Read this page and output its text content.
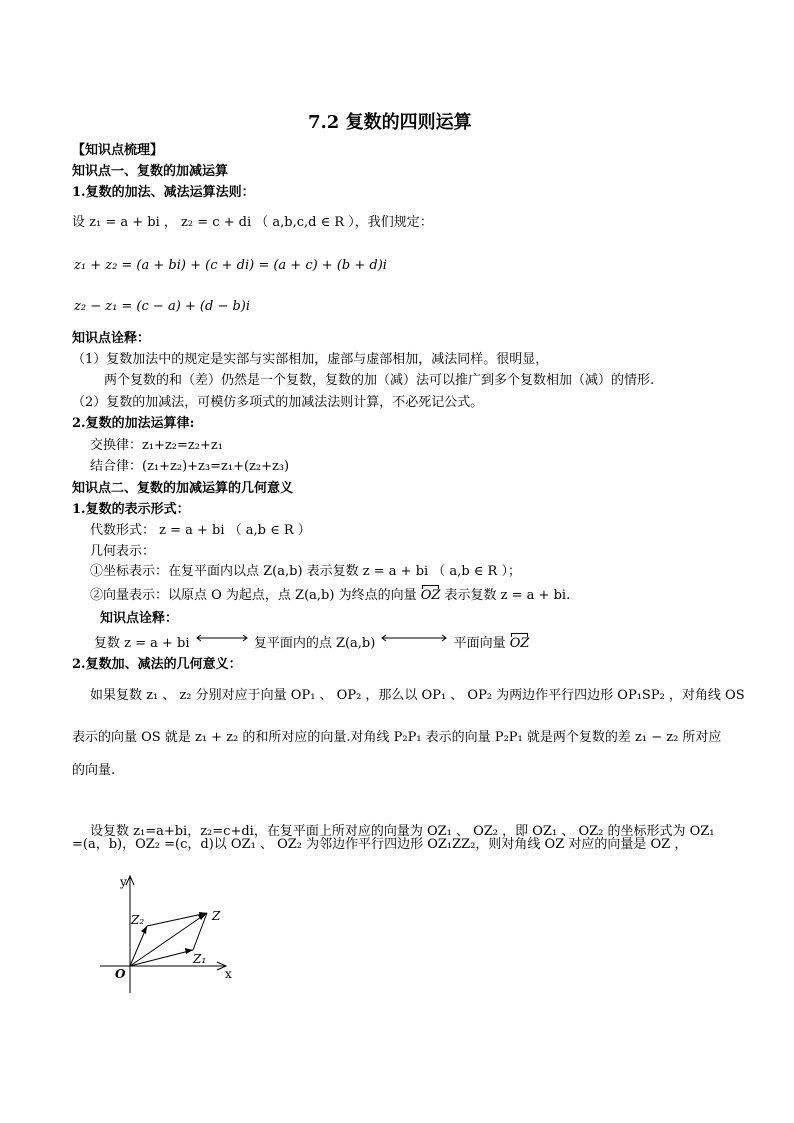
7.2 复数的四则运算
【知识点梳理】
知识点一、复数的加减运算
1.复数的加法、减法运算法则：
设 z₁ = a + bi ， z₂ = c + di （ a,b,c,d ∈ R ），我们规定：
z₁ + z₂ = (a + bi) + (c + di) = (a + c) + (b + d)i
z₂ − z₁ = (c − a) + (d − b)i
知识点诠释：
（1）复数加法中的规定是实部与实部相加，虚部与虚部相加，减法同样。很明显，
两个复数的和（差）仍然是一个复数，复数的加（减）法可以推广到多个复数相加（减）的情形.
（2）复数的加减法，可模仿多项式的加减法法则计算，不必死记公式。
2.复数的加法运算律:
交换律：z₁+z₂=z₂+z₁
结合律：(z₁+z₂)+z₃=z₁+(z₂+z₃)
知识点二、复数的加减运算的几何意义
1.复数的表示形式：
代数形式： z = a + bi （ a,b ∈ R ）
几何表示：
①坐标表示：在复平面内以点 Z(a,b) 表示复数 z = a + bi （ a,b ∈ R ）；
②向量表示：以原点 O 为起点，点 Z(a,b) 为终点的向量 OZ 表示复数 z = a + bi.
知识点诠释：
复数 z = a + bi	复平面内的点 Z(a,b)	平面向量 OZ
2.复数加、减法的几何意义：
如果复数 z₁ 、 z₂ 分别对应于向量 OP₁ 、 OP₂ ，那么以 OP₁ 、 OP₂ 为两边作平行四边形 OP₁SP₂ ，对角线 OS
表示的向量 OS 就是 z₁ + z₂ 的和所对应的向量.对角线 P₂P₁ 表示的向量 P₂P₁ 就是两个复数的差 z₁ − z₂ 所对应
的向量.
设复数 z₁=a+bi，z₂=c+di，在复平面上所对应的向量为 OZ₁ 、 OZ₂ ，即 OZ₁ 、 OZ₂ 的坐标形式为 OZ₁
=(a，b)，OZ₂ =(c，d)以 OZ₁ 、 OZ₂ 为邻边作平行四边形 OZ₁ZZ₂，则对角线 OZ 对应的向量是 OZ ，
y
x
O
Z
Z₁
Z₂
